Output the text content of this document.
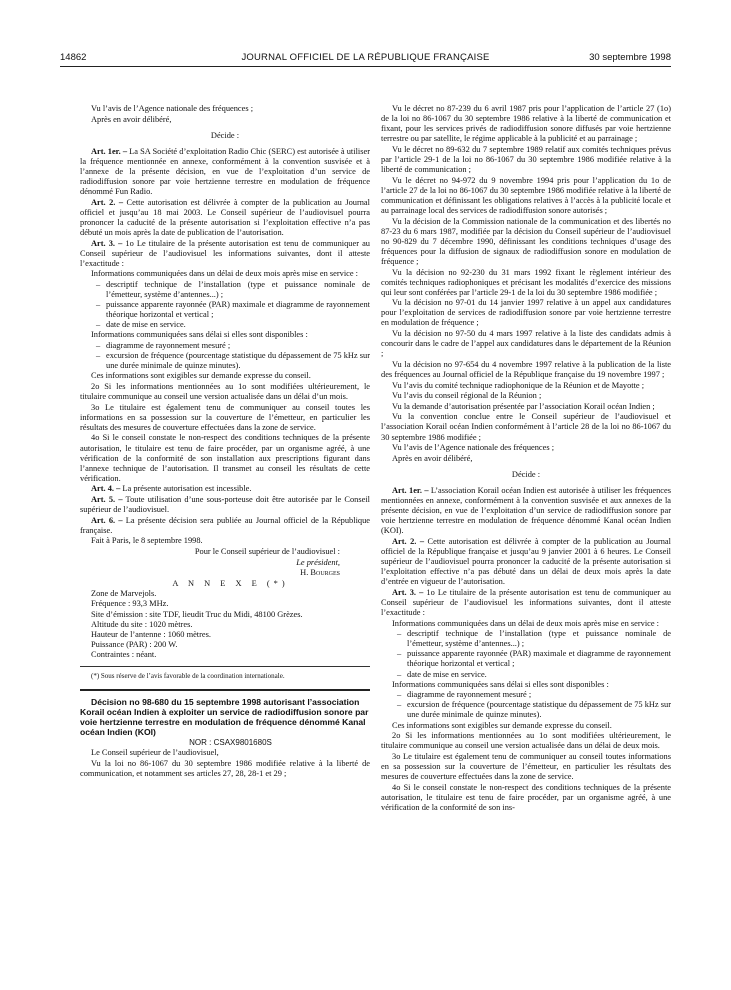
14862	JOURNAL OFFICIEL DE LA RÉPUBLIQUE FRANÇAISE	30 septembre 1998

Vu l’avis de l’Agence nationale des fréquences ;

Après en avoir délibéré,

Décide :

Art. 1er. – La SA Société d’exploitation Radio Chic (SERC) est autorisée à utiliser la fréquence mentionnée en annexe, conformément à la convention susvisée et à l’annexe de la présente décision, en vue de l’exploitation d’un service de radiodiffusion sonore par voie hertzienne terrestre en modulation de fréquence dénommé Fun Radio.

Art. 2. – Cette autorisation est délivrée à compter de la publication au Journal officiel et jusqu’au 18 mai 2003. Le Conseil supérieur de l’audiovisuel pourra prononcer la caducité de la présente autorisation si l’exploitation effective n’a pas débuté un mois après la date de publication de l’autorisation.

Art. 3. – 1o Le titulaire de la présente autorisation est tenu de communiquer au Conseil supérieur de l’audiovisuel les informations suivantes, dont il atteste l’exactitude :

Informations communiquées dans un délai de deux mois après mise en service :

– descriptif technique de l’installation (type et puissance nominale de l’émetteur, système d’antennes...) ;
– puissance apparente rayonnée (PAR) maximale et diagramme de rayonnement théorique horizontal et vertical ;
– date de mise en service.

Informations communiquées sans délai si elles sont disponibles :

– diagramme de rayonnement mesuré ;
– excursion de fréquence (pourcentage statistique du dépassement de 75 kHz sur une durée minimale de quinze minutes).

Ces informations sont exigibles sur demande expresse du conseil.

2o Si les informations mentionnées au 1o sont modifiées ultérieurement, le titulaire communique au conseil une version actualisée dans un délai d’un mois.

3o Le titulaire est également tenu de communiquer au conseil toutes les informations en sa possession sur la couverture de l’émetteur, en particulier les résultats des mesures de couverture effectuées dans la zone de service.

4o Si le conseil constate le non-respect des conditions techniques de la présente autorisation, le titulaire est tenu de faire procéder, par un organisme agréé, à une vérification de la conformité de son installation aux prescriptions figurant dans l’annexe technique de l’autorisation. Il transmet au conseil les résultats de cette vérification.

Art. 4. – La présente autorisation est incessible.

Art. 5. – Toute utilisation d’une sous-porteuse doit être autorisée par le Conseil supérieur de l’audiovisuel.

Art. 6. – La présente décision sera publiée au Journal officiel de la République française.

Fait à Paris, le 8 septembre 1998.

Pour le Conseil supérieur de l’audiovisuel :

Le président,

H. Bourges

A N N E X E (*)

Zone de Marvejols.

Fréquence : 93,3 MHz.

Site d’émission : site TDF, lieudit Truc du Midi, 48100 Grèzes.

Altitude du site : 1020 mètres.

Hauteur de l’antenne : 1060 mètres.

Puissance (PAR) : 200 W.

Contraintes : néant.

(*) Sous réserve de l’avis favorable de la coordination internationale.

Décision no 98-680 du 15 septembre 1998 autorisant l’association Korail océan Indien à exploiter un service de radiodiffusion sonore par voie hertzienne terrestre en modulation de fréquence dénommé Kanal océan Indien (KOI)

NOR : CSAX9801680S

Le Conseil supérieur de l’audiovisuel,

Vu la loi no 86-1067 du 30 septembre 1986 modifiée relative à la liberté de communication, et notamment ses articles 27, 28, 28-1 et 29 ;

Vu le décret no 87-239 du 6 avril 1987 pris pour l’application de l’article 27 (1o) de la loi no 86-1067 du 30 septembre 1986 relative à la liberté de communication et fixant, pour les services privés de radiodiffusion sonore diffusés par voie hertzienne terrestre ou par satellite, le régime applicable à la publicité et au parrainage ;

Vu le décret no 89-632 du 7 septembre 1989 relatif aux comités techniques prévus par l’article 29-1 de la loi no 86-1067 du 30 septembre 1986 modifiée relative à la liberté de communication ;

Vu le décret no 94-972 du 9 novembre 1994 pris pour l’application du 1o de l’article 27 de la loi no 86-1067 du 30 septembre 1986 modifiée relative à la liberté de communication et définissant les obligations relatives à l’accès à la publicité locale et au parrainage local des services de radiodiffusion sonore autorisés ;

Vu la décision de la Commission nationale de la communication et des libertés no 87-23 du 6 mars 1987, modifiée par la décision du Conseil supérieur de l’audiovisuel no 90-829 du 7 décembre 1990, définissant les conditions techniques d’usage des fréquences pour la diffusion de signaux de radiodiffusion sonore en modulation de fréquence ;

Vu la décision no 92-230 du 31 mars 1992 fixant le règlement intérieur des comités techniques radiophoniques et précisant les modalités d’exercice des missions qui leur sont conférées par l’article 29-1 de la loi du 30 septembre 1986 modifiée ;

Vu la décision no 97-01 du 14 janvier 1997 relative à un appel aux candidatures pour l’exploitation de services de radiodiffusion sonore par voie hertzienne terrestre en modulation de fréquence ;

Vu la décision no 97-50 du 4 mars 1997 relative à la liste des candidats admis à concourir dans le cadre de l’appel aux candidatures dans le département de la Réunion ;

Vu la décision no 97-654 du 4 novembre 1997 relative à la publication de la liste des fréquences au Journal officiel de la République française du 19 novembre 1997 ;

Vu l’avis du comité technique radiophonique de la Réunion et de Mayotte ;

Vu l’avis du conseil régional de la Réunion ;

Vu la demande d’autorisation présentée par l’association Korail océan Indien ;

Vu la convention conclue entre le Conseil supérieur de l’audiovisuel et l’association Korail océan Indien conformément à l’article 28 de la loi no 86-1067 du 30 septembre 1986 modifiée ;

Vu l’avis de l’Agence nationale des fréquences ;

Après en avoir délibéré,

Décide :

Art. 1er. – L’association Korail océan Indien est autorisée à utiliser les fréquences mentionnées en annexe, conformément à la convention susvisée et aux annexes de la présente décision, en vue de l’exploitation d’un service de radiodiffusion sonore par voie hertzienne terrestre en modulation de fréquence dénommé Kanal océan Indien (KOI).

Art. 2. – Cette autorisation est délivrée à compter de la publication au Journal officiel de la République française et jusqu’au 9 janvier 2001 à 6 heures. Le Conseil supérieur de l’audiovisuel pourra prononcer la caducité de la présente autorisation si l’exploitation effective n’a pas débuté dans un délai de deux mois après la date d’entrée en vigueur de l’autorisation.

Art. 3. – 1o Le titulaire de la présente autorisation est tenu de communiquer au Conseil supérieur de l’audiovisuel les informations suivantes, dont il atteste l’exactitude :

Informations communiquées dans un délai de deux mois après mise en service :

– descriptif technique de l’installation (type et puissance nominale de l’émetteur, système d’antennes...) ;
– puissance apparente rayonnée (PAR) maximale et diagramme de rayonnement théorique horizontal et vertical ;
– date de mise en service.

Informations communiquées sans délai si elles sont disponibles :

– diagramme de rayonnement mesuré ;
– excursion de fréquence (pourcentage statistique du dépassement de 75 kHz sur une durée minimale de quinze minutes).

Ces informations sont exigibles sur demande expresse du conseil.

2o Si les informations mentionnées au 1o sont modifiées ultérieurement, le titulaire communique au conseil une version actualisée dans un délai de deux mois.

3o Le titulaire est également tenu de communiquer au conseil toutes informations en sa possession sur la couverture de l’émetteur, en particulier les résultats des mesures de couverture effectuées dans la zone de service.

4o Si le conseil constate le non-respect des conditions techniques de la présente autorisation, le titulaire est tenu de faire procéder, par un organisme agréé, à une vérification de la conformité de son ins-
